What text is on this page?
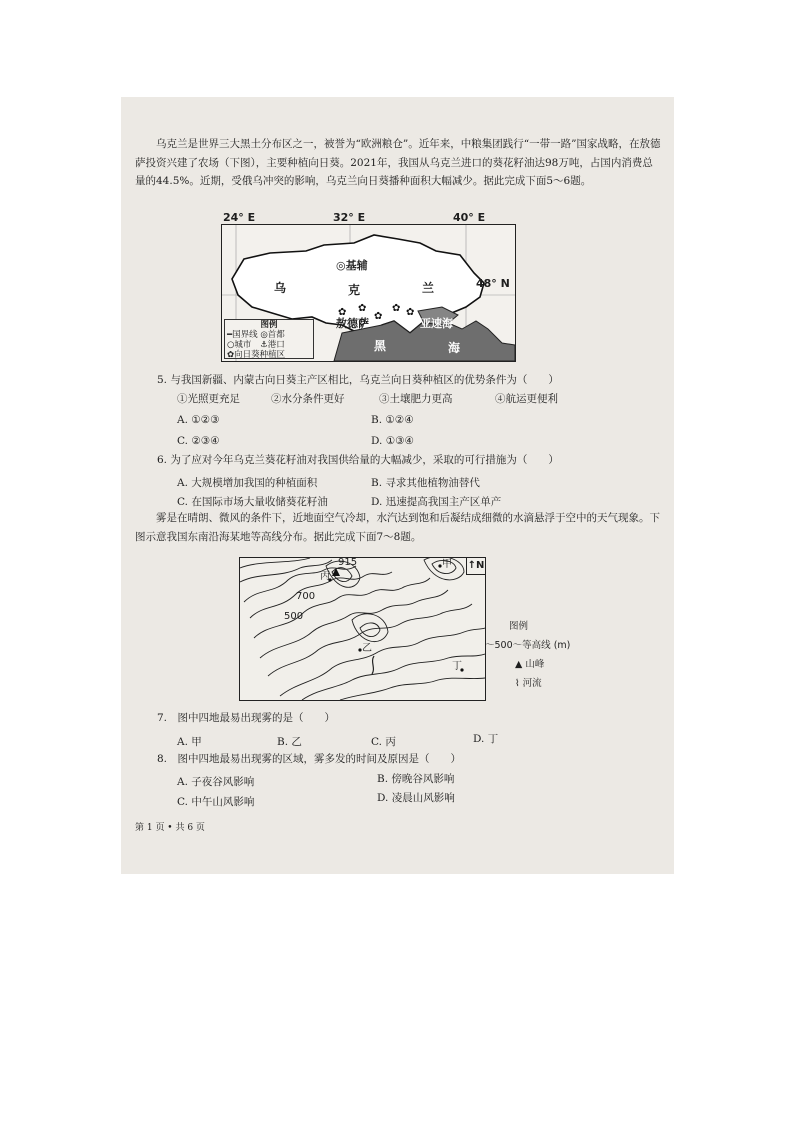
乌克兰是世界三大黑土分布区之一，被誉为“欧洲粮仓”。近年来，中粮集团践行“一带一路”国家战略，在敖德萨投资兴建了农场（下图），主要种植向日葵。2021年，我国从乌克兰进口的葵花籽油达98万吨，占国内消费总量的44.5%。近期，受俄乌冲突的影响，乌克兰向日葵播种面积大幅减少。据此完成下面5～6题。
24° E	32° E	40° E
✿ ✿
✿
✿ ✿
◎基辅
乌	克	兰	48° N
敖德萨	亚速海
黑	海
图例
━国界线 ◎首都
○城市 ⚓港口
✿向日葵种植区
5. 与我国新疆、内蒙古向日葵主产区相比，乌克兰向日葵种植区的优势条件为（　　）
①光照更充足	②水分条件更好	③土壤肥力更高	④航运更便利
A. ①②③	B. ①②④
C. ②③④	D. ①③④
6. 为了应对今年乌克兰葵花籽油对我国供给量的大幅减少，采取的可行措施为（　　）
A. 大规模增加我国的种植面积	B. 寻求其他植物油替代
C. 在国际市场大量收储葵花籽油	D. 迅速提高我国主产区单产
雾是在晴朗、微风的条件下，近地面空气冷却，水汽达到饱和后凝结成细微的水滴悬浮于空中的天气现象。下图示意我国东南沿海某地等高线分布。据此完成下面7～8题。
915
丙
700
500
甲
乙
丁
↑N
图例
〜500〜等高线 (m)
▲ 山峰
⌇ 河流
7.　图中四地最易出现雾的是（　　）
A. 甲	B. 乙	C. 丙	D. 丁
8.　图中四地最易出现雾的区域，雾多发的时间及原因是（　　）
A. 子夜谷风影响	B. 傍晚谷风影响
C. 中午山风影响	D. 凌晨山风影响
第 1 页 • 共 6 页
